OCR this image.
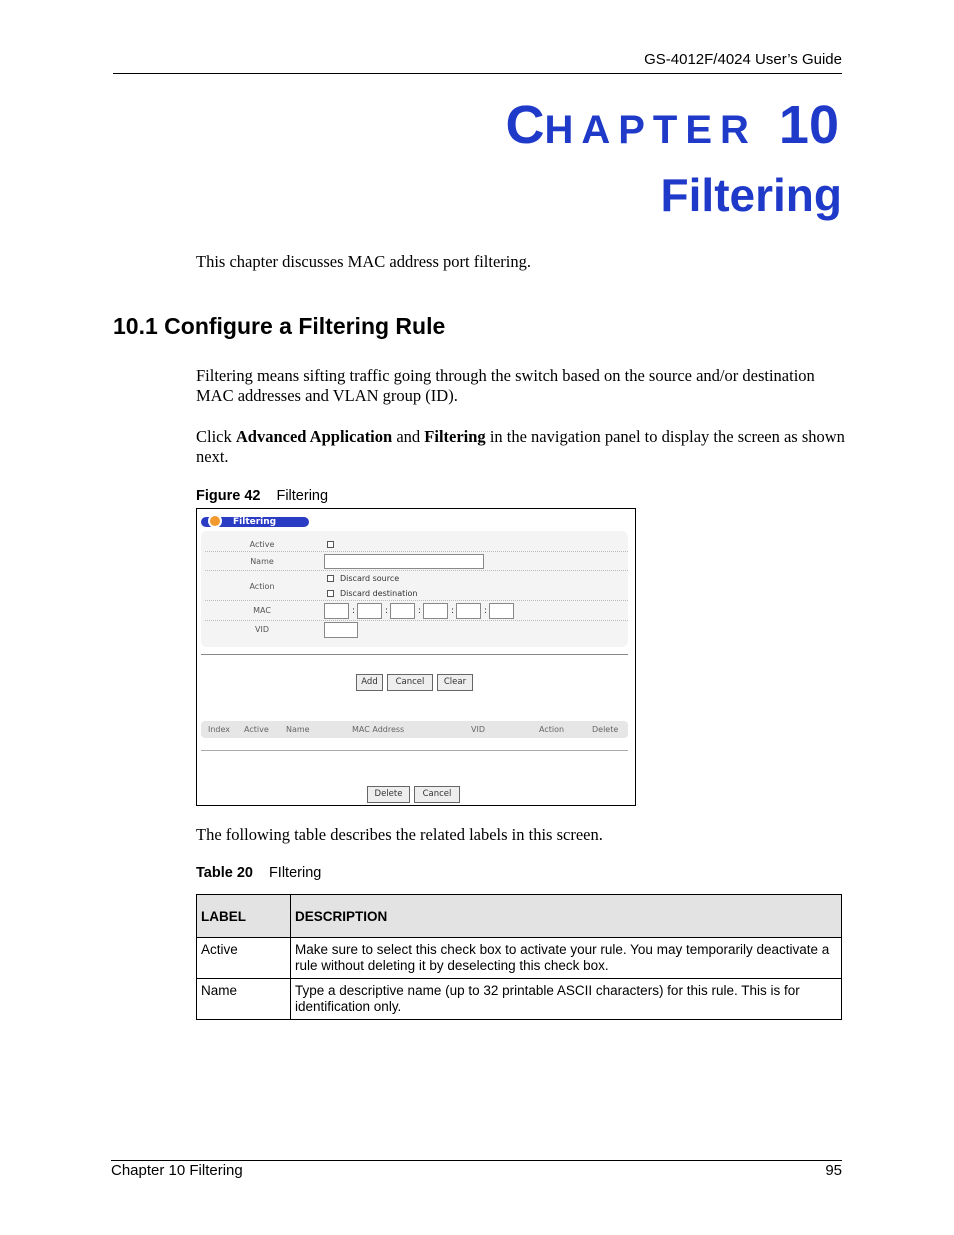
GS-4012F/4024 User’s Guide
CHAPTER 10
Filtering
This chapter discusses MAC address port filtering.
10.1 Configure a Filtering Rule
Filtering means sifting traffic going through the switch based on the source and/or destination MAC addresses and VLAN group (ID).
Click Advanced Application and Filtering in the navigation panel to display the screen as shown next.
Figure 42 Filtering
Filtering
Active
Name
Action
Discard source
Discard destination
MAC	:	:	:	:	:
VID
Add	Cancel	Clear
Index Active Name	MAC Address	VID	Action	Delete
Delete	Cancel
The following table describes the related labels in this screen.
Table 20 FIltering
LABEL	DESCRIPTION
Active	Make sure to select this check box to activate your rule. You may temporarily deactivate a rule without deleting it by deselecting this check box.
Name	Type a descriptive name (up to 32 printable ASCII characters) for this rule. This is for identification only.
Chapter 10 Filtering	95
